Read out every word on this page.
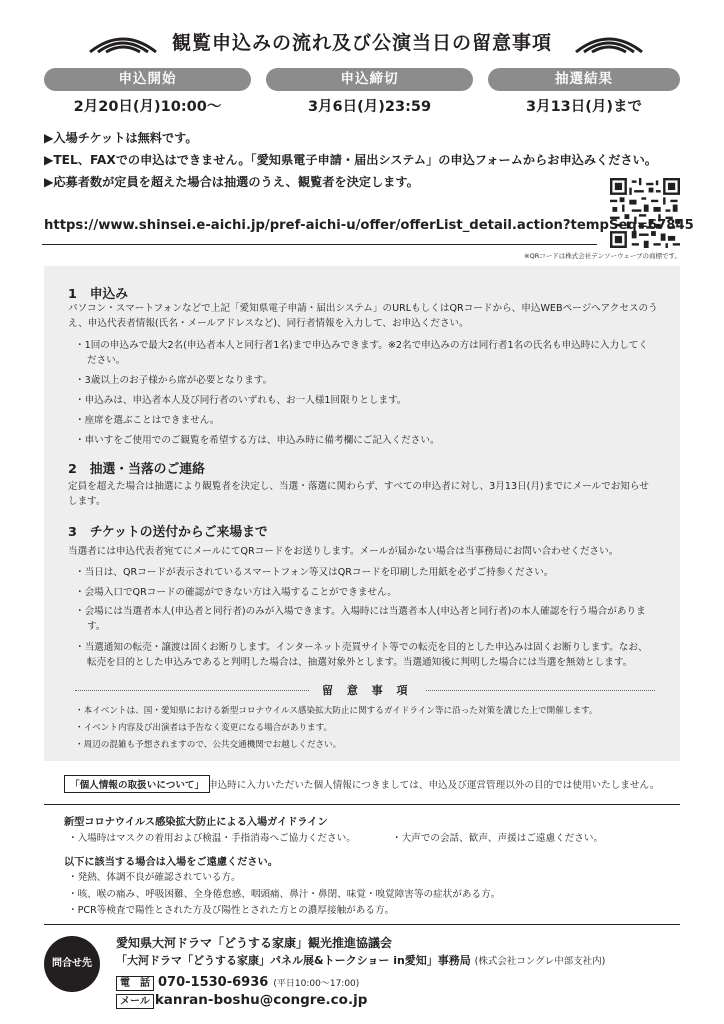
観覧申込みの流れ及び公演当日の留意事項
申込開始	申込締切	抽選結果
2月20日(月)10:00〜	3月6日(月)23:59	3月13日(月)まで
▶入場チケットは無料です。
▶TEL、FAXでの申込はできません。「愛知県電子申請・届出システム」の申込フォームからお申込みください。
▶応募者数が定員を超えた場合は抽選のうえ、観覧者を決定します。
https://www.shinsei.e-aichi.jp/pref-aichi-u/offer/offerList_detail.action?tempSeq=67845
※QRコードは株式会社デンソーウェーブの商標です。
1　申込み
パソコン・スマートフォンなどで上記「愛知県電子申請・届出システム」のURLもしくはQRコードから、申込WEBページへアクセスのうえ、申込代表者情報(氏名・メールアドレスなど)、同行者情報を入力して、お申込ください。
・ 1回の申込みで最大2名(申込者本人と同行者1名)まで申込みできます。※2名で申込みの方は同行者1名の氏名も申込時に入力してください。
・ 3歳以上のお子様から席が必要となります。
・ 申込みは、申込者本人及び同行者のいずれも、お一人様1回限りとします。
・ 座席を選ぶことはできません。
・ 車いすをご使用でのご観覧を希望する方は、申込み時に備考欄にご記入ください。
2　抽選・当落のご連絡
定員を超えた場合は抽選により観覧者を決定し、当選・落選に関わらず、すべての申込者に対し、3月13日(月)までにメールでお知らせします。
3　チケットの送付からご来場まで
当選者には申込代表者宛てにメールにてQRコードをお送りします。メールが届かない場合は当事務局にお問い合わせください。
・ 当日は、QRコードが表示されているスマートフォン等又はQRコードを印刷した用紙を必ずご持参ください。
・ 会場入口でQRコードの確認ができない方は入場することができません。
・ 会場には当選者本人(申込者と同行者)のみが入場できます。入場時には当選者本人(申込者と同行者)の本人確認を行う場合があります。
・ 当選通知の転売・譲渡は固くお断りします。インターネット売買サイト等での転売を目的とした申込みは固くお断りします。なお、転売を目的とした申込みであると判明した場合は、抽選対象外とします。当選通知後に判明した場合には当選を無効とします。
留 意 事 項
・本イベントは、国・愛知県における新型コロナウイルス感染拡大防止に関するガイドライン等に沿った対策を講じた上で開催します。
・イベント内容及び出演者は予告なく変更になる場合があります。
・周辺の混雑も予想されますので、公共交通機関でお越しください。
「個人情報の取扱いについて」 申込時に入力いただいた個人情報につきましては、申込及び運営管理以外の目的では使用いたしません。
新型コロナウイルス感染拡大防止による入場ガイドライン
・入場時はマスクの着用および検温・手指消毒へご協力ください。	・大声での会話、歓声、声援はご遠慮ください。
以下に該当する場合は入場をご遠慮ください。
・発熱、体調不良が確認されている方。
・咳、喉の痛み、呼吸困難、全身倦怠感、咽頭痛、鼻汁・鼻閉、味覚・嗅覚障害等の症状がある方。
・PCR等検査で陽性とされた方及び陽性とされた方との濃厚接触がある方。
問合せ先
愛知県大河ドラマ「どうする家康」観光推進協議会
「大河ドラマ「どうする家康」パネル展&トークショー in愛知」事務局 (株式会社コングレ中部支社内)
電　話 070-1530-6936 (平日10:00〜17:00)
メール kanran-boshu@congre.co.jp
